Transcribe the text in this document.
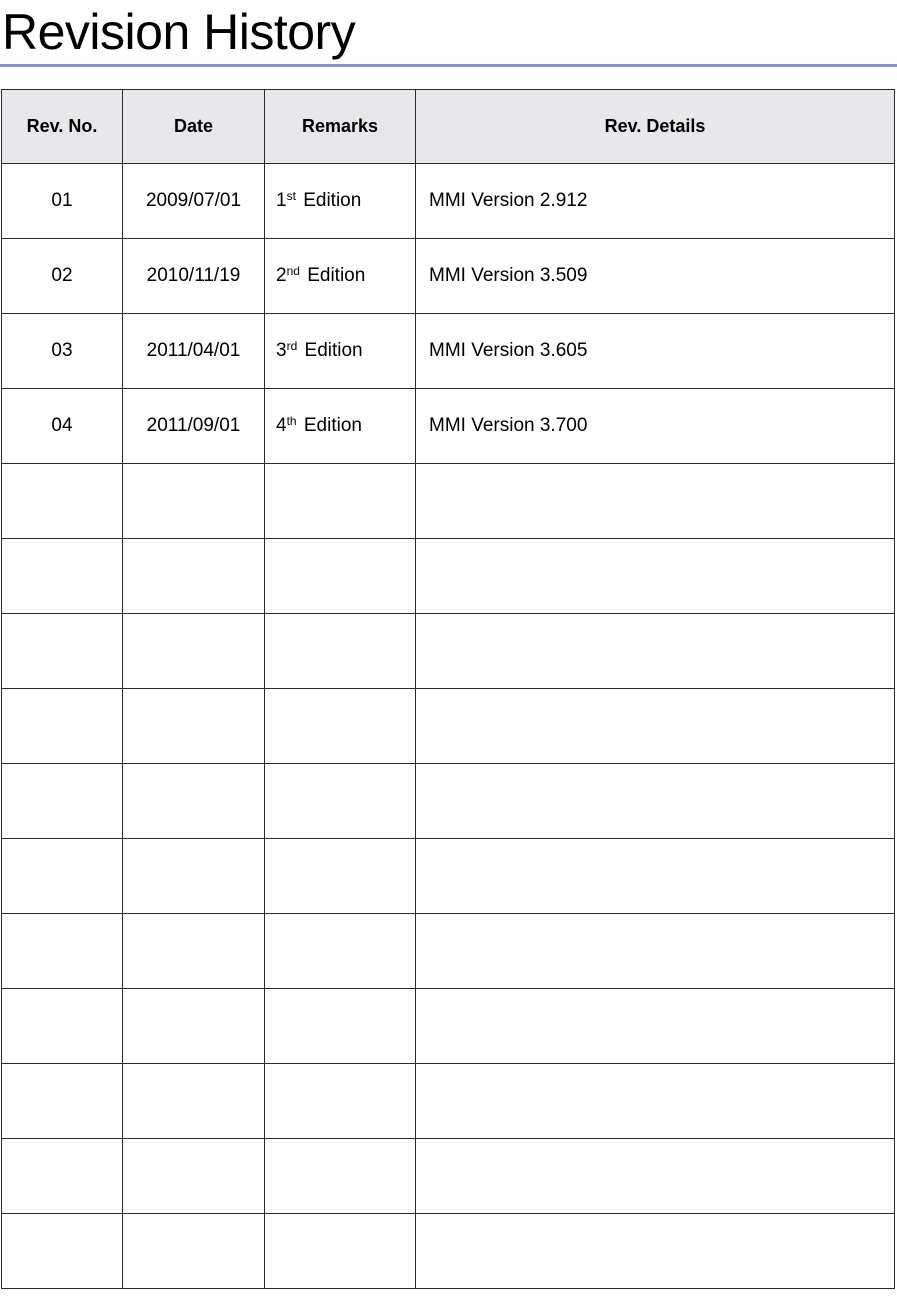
Revision History
Rev. No.	Date	Remarks	Rev. Details
01	2009/07/01	1st Edition	MMI Version 2.912
02	2010/11/19	2nd Edition	MMI Version 3.509
03	2011/04/01	3rd Edition	MMI Version 3.605
04	2011/09/01	4th Edition	MMI Version 3.700
